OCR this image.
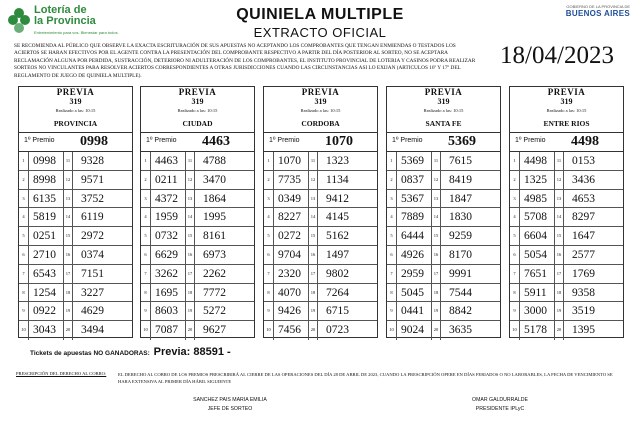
Lotería de
la Provincia
Entretenimiento para vos. Bienestar para todos.
QUINIELA MULTIPLE
EXTRACTO OFICIAL
GOBIERNO DE LA PROVINCIA DE
BUENOS AIRES
SE RECOMIENDA AL PÚBLICO QUE OBSERVE LA EXACTA ESCRITURACIÓN DE SUS APUESTAS NO ACEPTANDO LOS COMPROBANTES QUE TENGAN ENMIENDAS O TESTADOS LOS ACIERTOS SE HARAN EFECTIVOS POR EL AGENTE CONTRA LA PRESENTACIÓN DEL COMPROBANTE RESPECTIVO A PARTIR DEL DÍA POSTERIOR AL SORTEO, NO SE ACEPTARA RECLAMACIÓN ALGUNA POR PERDIDA, SUSTRACCIÓN, DETERIORO NI ADULTERACIÓN DE LOS COMPROBANTES, EL INSTITUTO PROVINCIAL DE LOTERIA Y CASINOS PODRA REALIZAR SORTEOS NO VINCULANTES PARA RESOLVER ACIERTOS CORRESPONDIENTES A OTRAS JURISDICCIONES CUANDO LAS CIRCUNSTANCIAS ASI LO EXIJAN (ARTICULOS 16º Y 17º DEL REGLAMENTO DE JUEGO DE QUINIELA MULTIPLE).
18/04/2023
PREVIA
319
Realizado a las: 10:15
PROVINCIA
1º Premio	0998
1 0998	11 9328
2 8998	12 9571
3 6135	13 3752
4 5819	14 6119
5 0251	15 2972
6 2710	16 0374
7 6543	17 7151
8 1254	18 3227
9 0922	19 4629
10 3043	20 3494
PREVIA
319
Realizado a las: 10:15
CIUDAD
1º Premio	4463
1 4463	11 4788
2 0211	12 3470
3 4372	13 1864
4 1959	14 1995
5 0732	15 8161
6 6629	16 6973
7 3262	17 2262
8 1695	18 7772
9 8603	19 5272
10 7087	20 9627
PREVIA
319
Realizado a las: 10:15
CORDOBA
1º Premio	1070
1 1070	11 1323
2 7735	12 1134
3 0349	13 9412
4 8227	14 4145
5 0272	15 5162
6 9704	16 1497
7 2320	17 9802
8 4070	18 7264
9 9426	19 6715
10 7456	20 0723
PREVIA
319
Realizado a las: 10:15
SANTA FE
1º Premio	5369
1 5369	11 7615
2 0837	12 8419
3 5367	13 1847
4 7889	14 1830
5 6444	15 9259
6 4926	16 8170
7 2959	17 9991
8 5045	18 7544
9 0441	19 8842
10 9024	20 3635
PREVIA
319
Realizado a las: 10:15
ENTRE RIOS
1º Premio	4498
1 4498	11 0153
2 1325	12 3436
3 4985	13 4653
4 5708	14 8297
5 6604	15 1647
6 5054	16 2577
7 7651	17 1769
8 5911	18 9358
9 3000	19 3519
10 5178	20 1395
Tickets de apuestas NO GANADORAS: Previa: 88591 -
PRESCRIPCIÓN DEL DERECHO AL COBRO:	EL DERECHO AL COBRO DE LOS PREMIOS PRESCRIBIRÁ AL CIERRE DE LAS OPERACIONES DEL DÍA 28 DE ABRIL DE 2023, CUANDO LA PRESCRIPCIÓN OPERE EN DÍAS FERIADOS O NO LABORABLES, LA FECHA DE VENCIMIENTO SE HARA EXTENSIVA AL PRIMER DÍA HÁBIL SIGUIENTE
SANCHEZ PAIS MARIA EMILIA
JEFE DE SORTEO
OMAR GALDURRALDE
PRESIDENTE IPLyC
